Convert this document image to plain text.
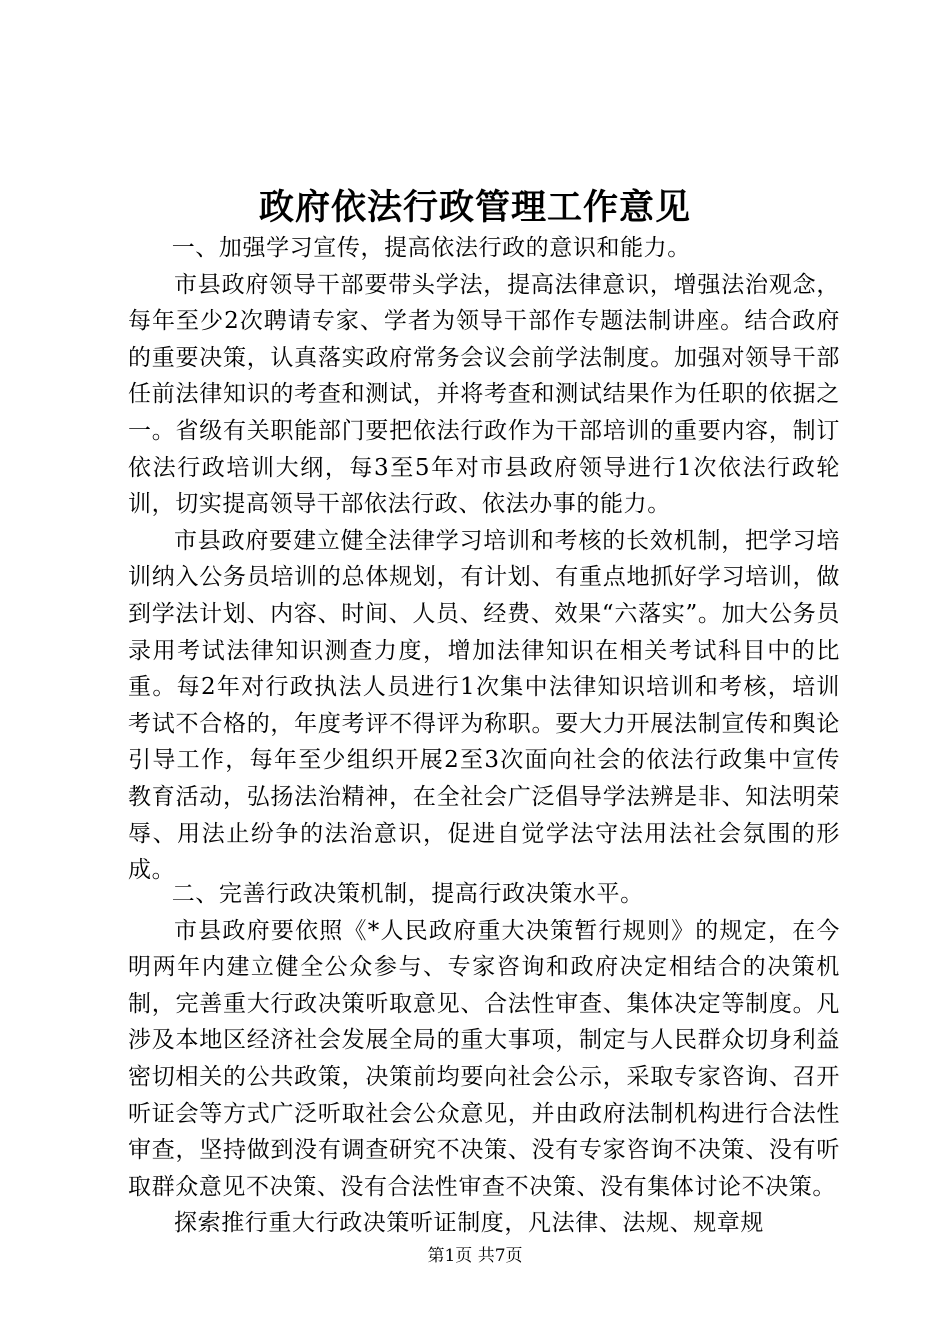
政府依法行政管理工作意见

一、加强学习宣传，提高依法行政的意识和能力。

市县政府领导干部要带头学法，提高法律意识，增强法治观念，每年至少2次聘请专家、学者为领导干部作专题法制讲座。结合政府的重要决策，认真落实政府常务会议会前学法制度。加强对领导干部任前法律知识的考查和测试，并将考查和测试结果作为任职的依据之一。省级有关职能部门要把依法行政作为干部培训的重要内容，制订依法行政培训大纲，每3至5年对市县政府领导进行1次依法行政轮训，切实提高领导干部依法行政、依法办事的能力。

市县政府要建立健全法律学习培训和考核的长效机制，把学习培训纳入公务员培训的总体规划，有计划、有重点地抓好学习培训，做到学法计划、内容、时间、人员、经费、效果“六落实”。加大公务员录用考试法律知识测查力度，增加法律知识在相关考试科目中的比重。每2年对行政执法人员进行1次集中法律知识培训和考核，培训考试不合格的，年度考评不得评为称职。要大力开展法制宣传和舆论引导工作，每年至少组织开展2至3次面向社会的依法行政集中宣传教育活动，弘扬法治精神，在全社会广泛倡导学法辨是非、知法明荣辱、用法止纷争的法治意识，促进自觉学法守法用法社会氛围的形成。

二、完善行政决策机制，提高行政决策水平。

市县政府要依照《*人民政府重大决策暂行规则》的规定，在今明两年内建立健全公众参与、专家咨询和政府决定相结合的决策机制，完善重大行政决策听取意见、合法性审查、集体决定等制度。凡涉及本地区经济社会发展全局的重大事项，制定与人民群众切身利益密切相关的公共政策，决策前均要向社会公示，采取专家咨询、召开听证会等方式广泛听取社会公众意见，并由政府法制机构进行合法性审查，坚持做到没有调查研究不决策、没有专家咨询不决策、没有听取群众意见不决策、没有合法性审查不决策、没有集体讨论不决策。

探索推行重大行政决策听证制度，凡法律、法规、规章规

第1页 共7页
